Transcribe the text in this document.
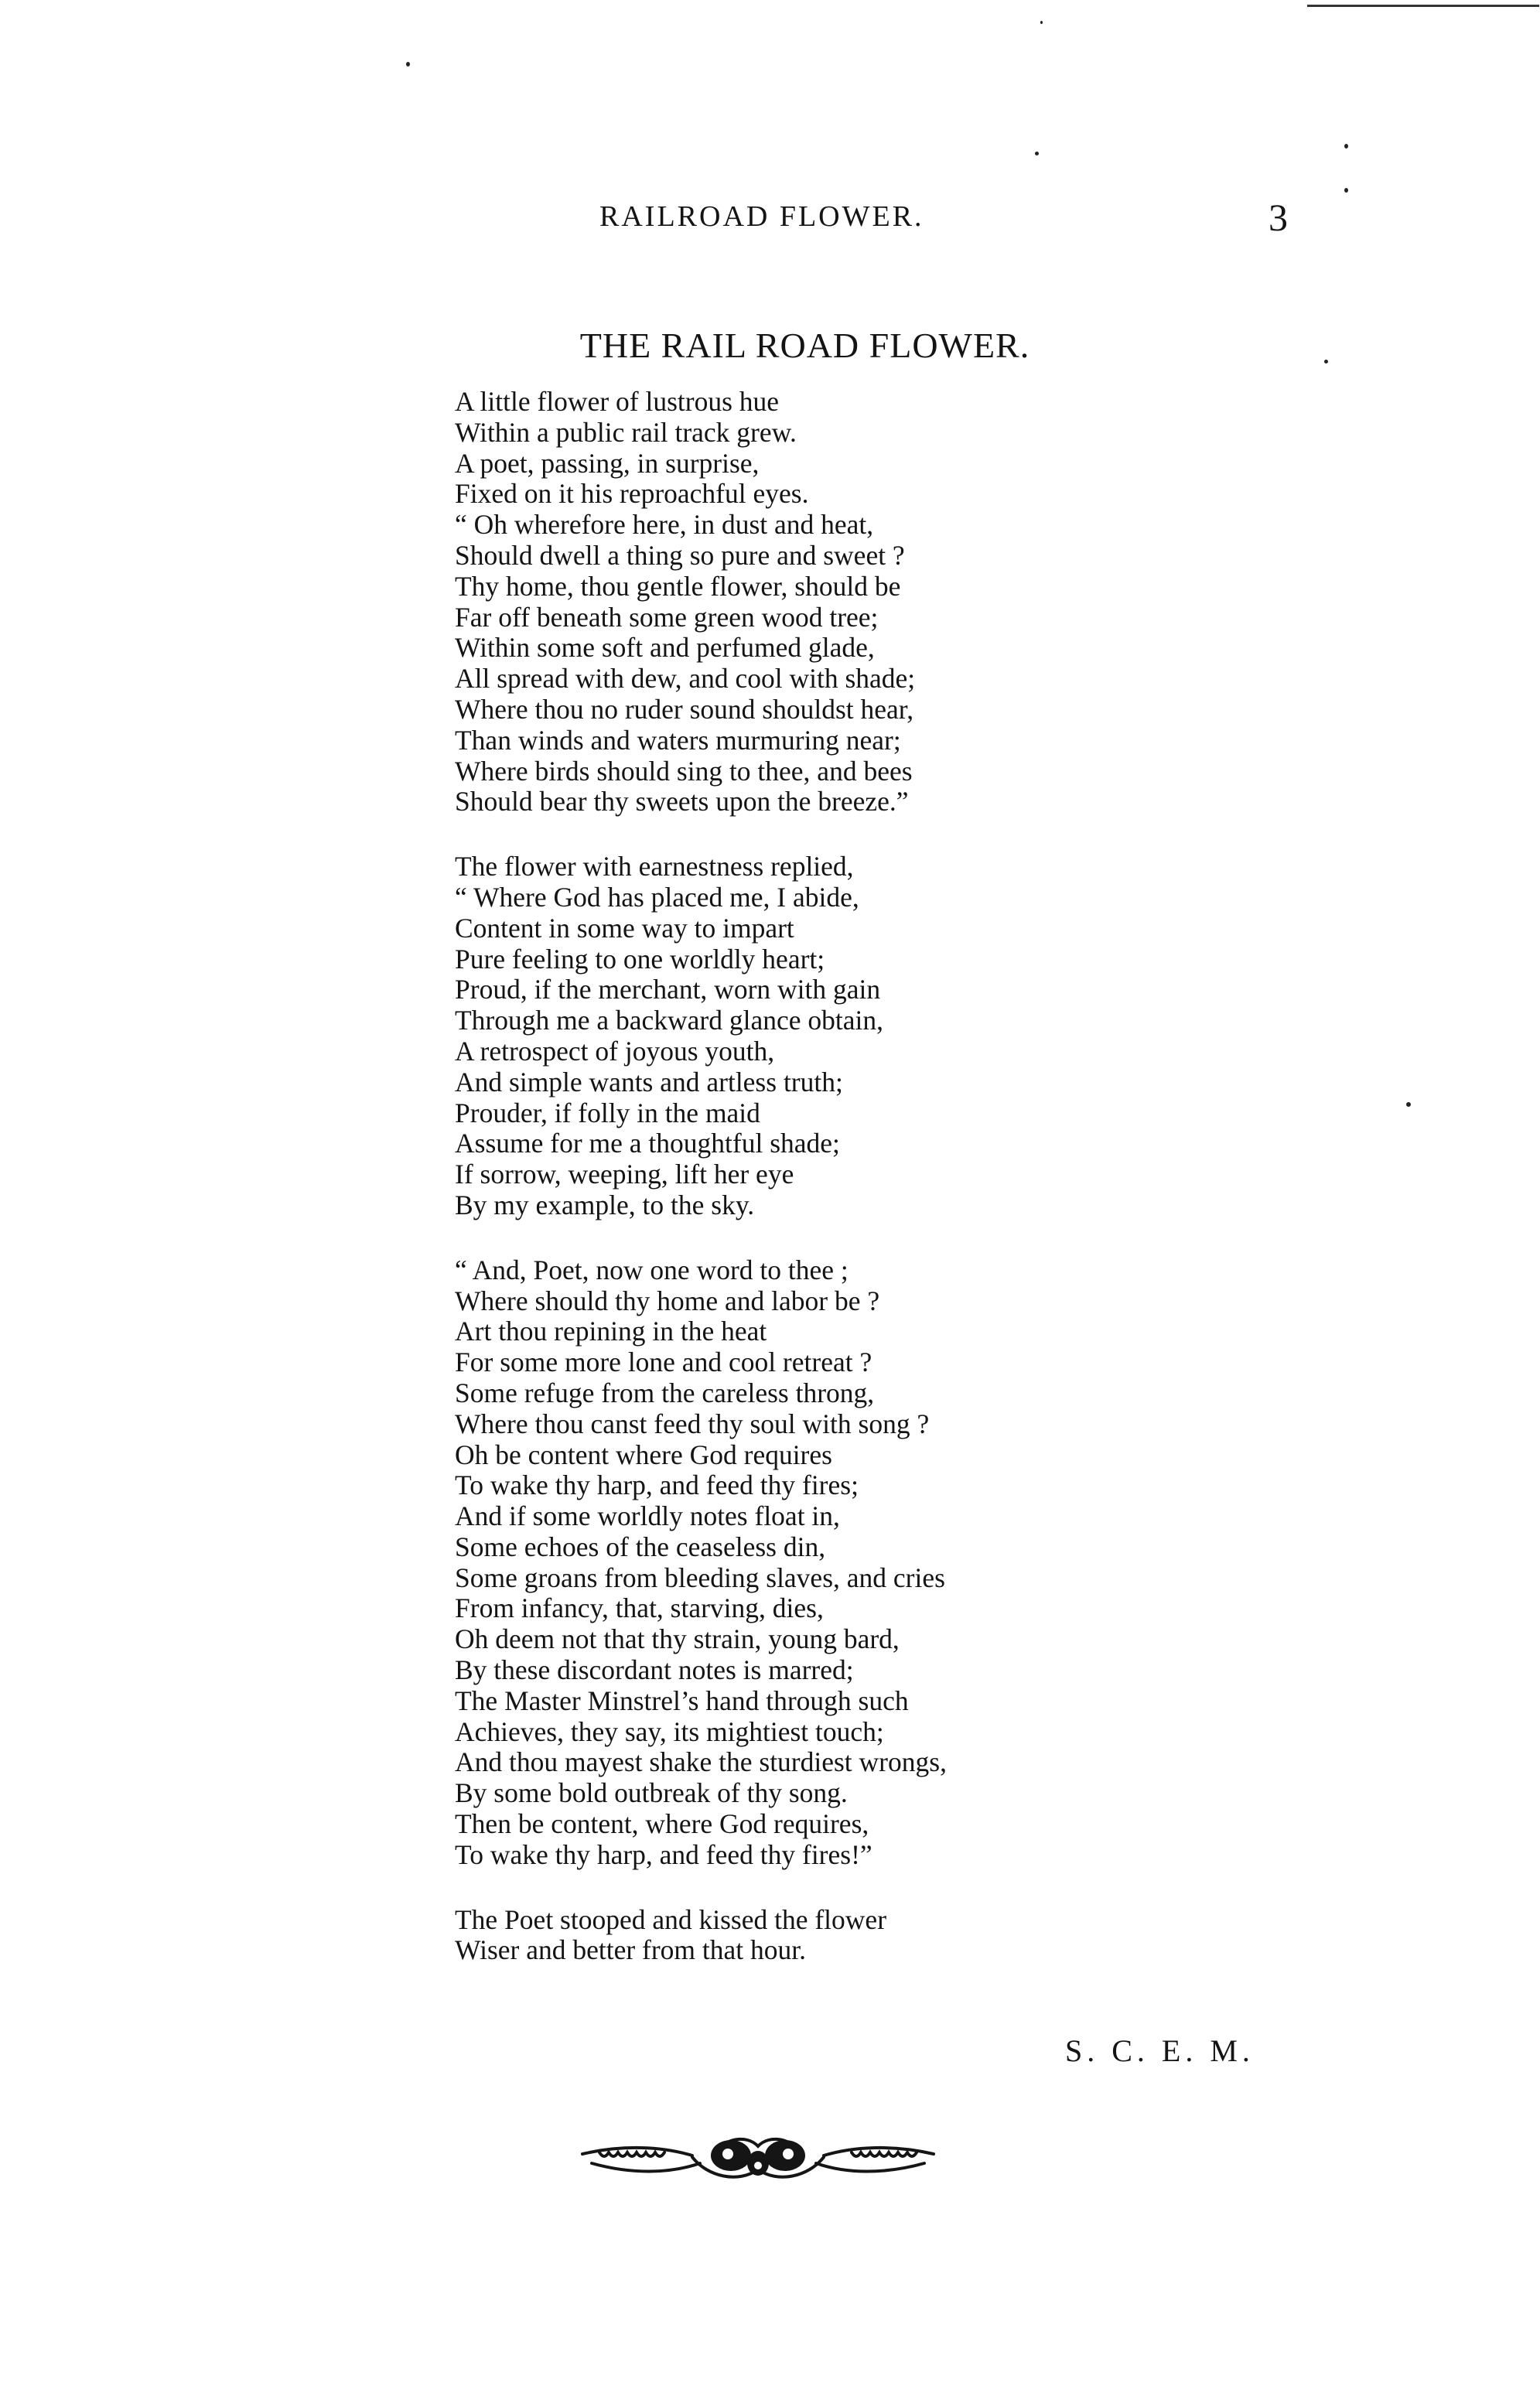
RAILROAD FLOWER.	3
THE RAIL ROAD FLOWER.
A little flower of lustrous hue
Within a public rail track grew.
A poet, passing, in surprise,
Fixed on it his reproachful eyes.
“ Oh wherefore here, in dust and heat,
Should dwell a thing so pure and sweet ?
Thy home, thou gentle flower, should be
Far off beneath some green wood tree;
Within some soft and perfumed glade,
All spread with dew, and cool with shade;
Where thou no ruder sound shouldst hear,
Than winds and waters murmuring near;
Where birds should sing to thee, and bees
Should bear thy sweets upon the breeze.”
The flower with earnestness replied,
“ Where God has placed me, I abide,
Content in some way to impart
Pure feeling to one worldly heart;
Proud, if the merchant, worn with gain
Through me a backward glance obtain,
A retrospect of joyous youth,
And simple wants and artless truth;
Prouder, if folly in the maid
Assume for me a thoughtful shade;
If sorrow, weeping, lift her eye
By my example, to the sky.
“ And, Poet, now one word to thee ;
Where should thy home and labor be ?
Art thou repining in the heat
For some more lone and cool retreat ?
Some refuge from the careless throng,
Where thou canst feed thy soul with song ?
Oh be content where God requires
To wake thy harp, and feed thy fires;
And if some worldly notes float in,
Some echoes of the ceaseless din,
Some groans from bleeding slaves, and cries
From infancy, that, starving, dies,
Oh deem not that thy strain, young bard,
By these discordant notes is marred;
The Master Minstrel’s hand through such
Achieves, they say, its mightiest touch;
And thou mayest shake the sturdiest wrongs,
By some bold outbreak of thy song.
Then be content, where God requires,
To wake thy harp, and feed thy fires!”
The Poet stooped and kissed the flower
Wiser and better from that hour.
S. C. E. M.
